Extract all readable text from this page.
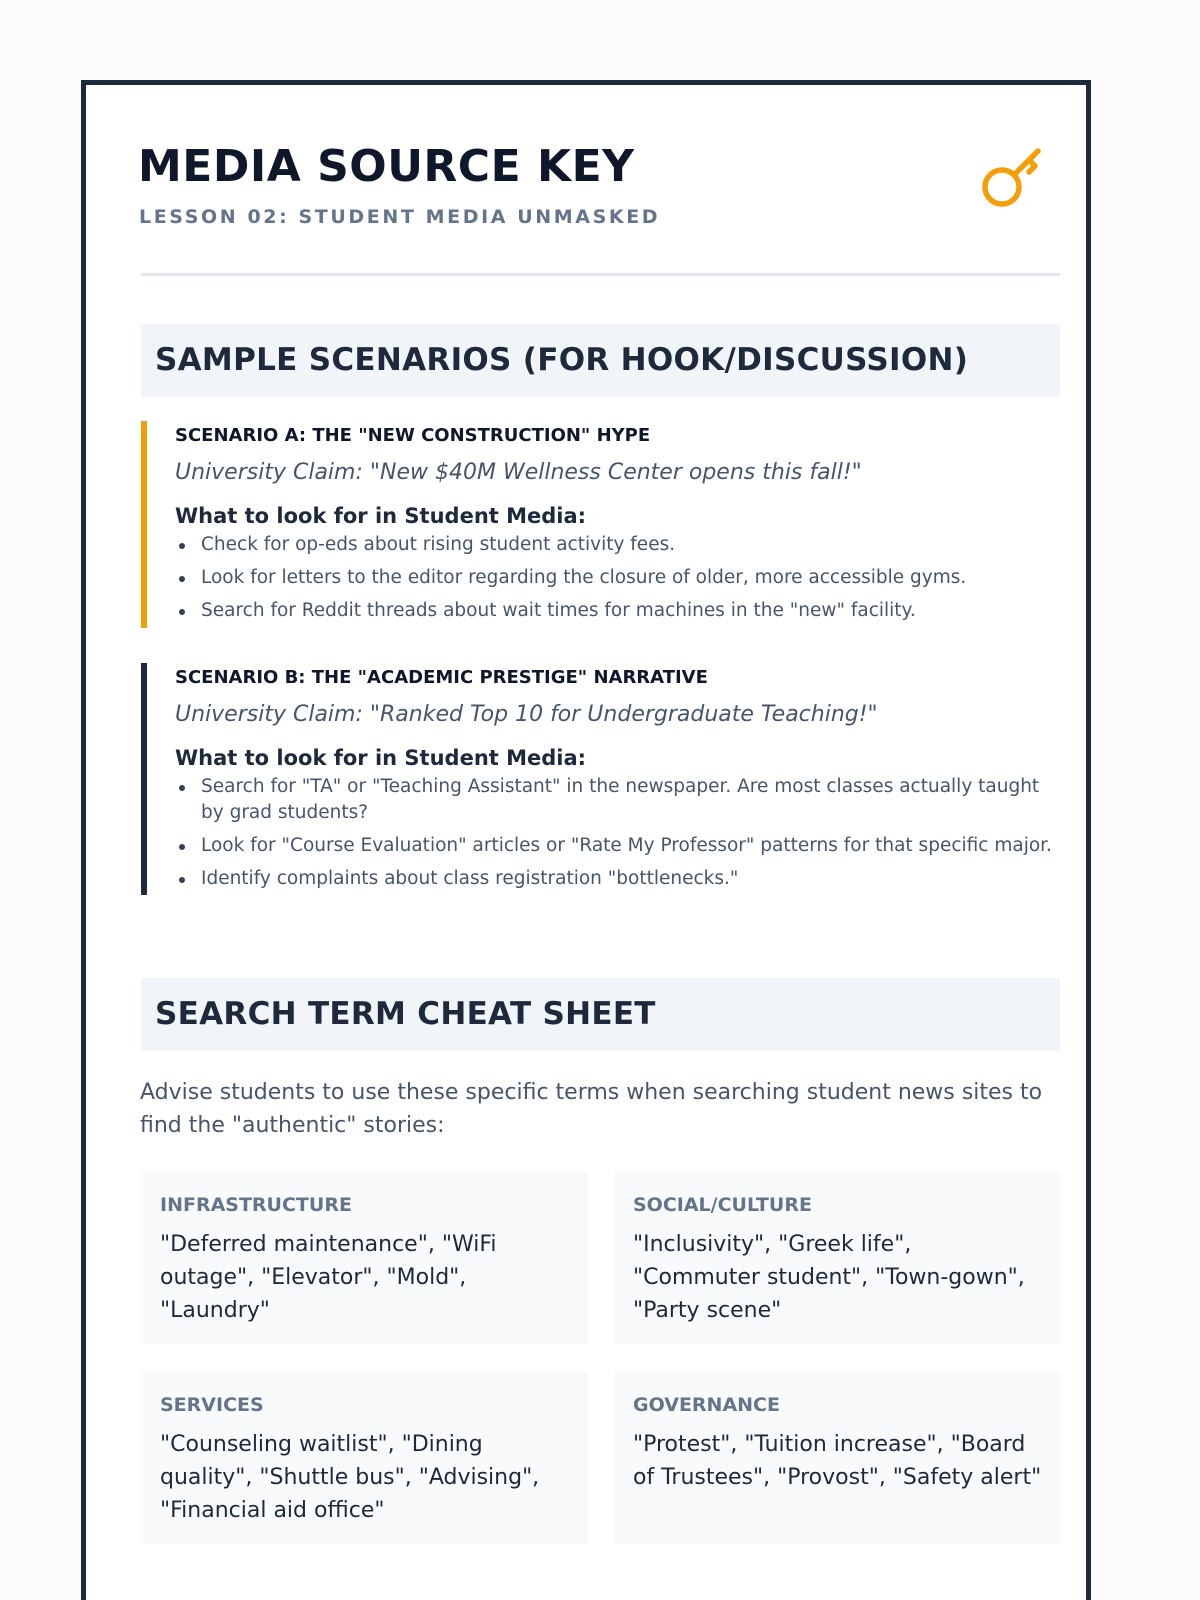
MEDIA SOURCE KEY
LESSON 02: STUDENT MEDIA UNMASKED
SAMPLE SCENARIOS (FOR HOOK/DISCUSSION)
SCENARIO A: THE "NEW CONSTRUCTION" HYPE

University Claim: "New $40M Wellness Center opens this fall!"

What to look for in Student Media:
Check for op-eds about rising student activity fees.
Look for letters to the editor regarding the closure of older, more accessible gyms.
Search for Reddit threads about wait times for machines in the "new" facility.
SCENARIO B: THE "ACADEMIC PRESTIGE" NARRATIVE

University Claim: "Ranked Top 10 for Undergraduate Teaching!"

What to look for in Student Media:
Search for "TA" or "Teaching Assistant" in the newspaper. Are most classes actually taught by grad students?
Look for "Course Evaluation" articles or "Rate My Professor" patterns for that specific major.
Identify complaints about class registration "bottlenecks."
SEARCH TERM CHEAT SHEET

Advise students to use these specific terms when searching student news sites to find the "authentic" stories:

INFRASTRUCTURE

"Deferred maintenance", "WiFi outage", "Elevator", "Mold", "Laundry"

SOCIAL/CULTURE

"Inclusivity", "Greek life", "Commuter student", "Town-gown", "Party scene"

SERVICES

"Counseling waitlist", "Dining quality", "Shuttle bus", "Advising", "Financial aid office"

GOVERNANCE

"Protest", "Tuition increase", "Board of Trustees", "Provost", "Safety alert"
